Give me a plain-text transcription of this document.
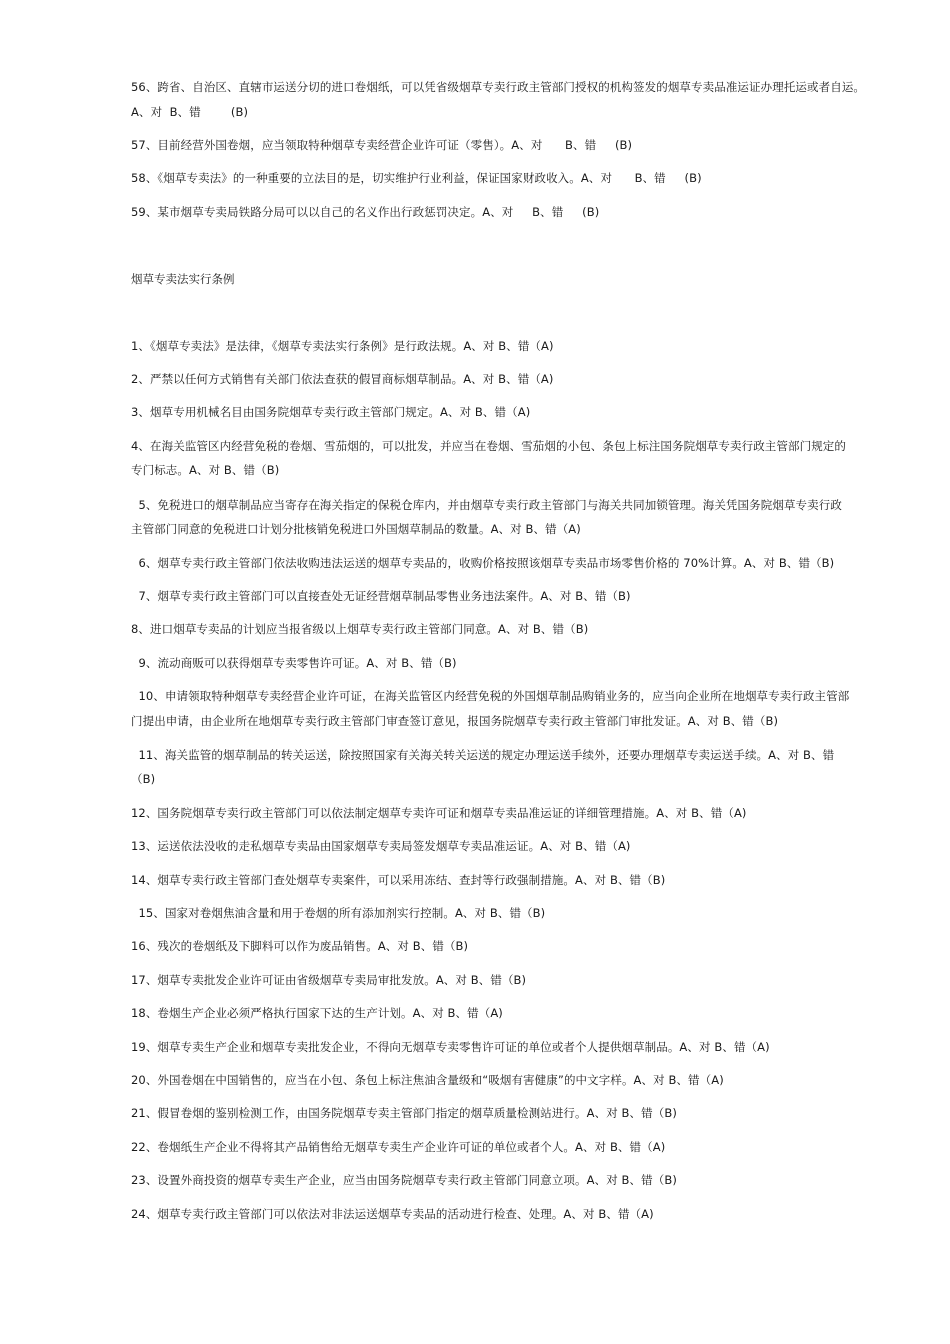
56、跨省、自治区、直辖市运送分切的进口卷烟纸，可以凭省级烟草专卖行政主管部门授权的机构签发的烟草专卖品准运证办理托运或者自运。
A、对  B、错        (B)
57、目前经营外国卷烟，应当领取特种烟草专卖经营企业许可证（零售）。A、对      B、错     (B)
58、《烟草专卖法》的一种重要的立法目的是，切实维护行业利益，保证国家财政收入。A、对      B、错     (B)
59、某市烟草专卖局铁路分局可以以自己的名义作出行政惩罚决定。A、对     B、错     (B)
烟草专卖法实行条例
1、《烟草专卖法》是法律，《烟草专卖法实行条例》是行政法规。A、对 B、错（A)
2、严禁以任何方式销售有关部门依法查获的假冒商标烟草制品。A、对 B、错（A)
3、烟草专用机械名目由国务院烟草专卖行政主管部门规定。A、对 B、错（A)
4、在海关监管区内经营免税的卷烟、雪茄烟的，可以批发，并应当在卷烟、雪茄烟的小包、条包上标注国务院烟草专卖行政主管部门规定的
专门标志。A、对 B、错（B)
5、免税进口的烟草制品应当寄存在海关指定的保税仓库内，并由烟草专卖行政主管部门与海关共同加锁管理。海关凭国务院烟草专卖行政
主管部门同意的免税进口计划分批核销免税进口外国烟草制品的数量。A、对 B、错（A)
6、烟草专卖行政主管部门依法收购违法运送的烟草专卖品的，收购价格按照该烟草专卖品市场零售价格的 70%计算。A、对 B、错（B)
7、烟草专卖行政主管部门可以直接查处无证经营烟草制品零售业务违法案件。A、对 B、错（B)
8、进口烟草专卖品的计划应当报省级以上烟草专卖行政主管部门同意。A、对 B、错（B)
9、流动商贩可以获得烟草专卖零售许可证。A、对 B、错（B)
10、申请领取特种烟草专卖经营企业许可证，在海关监管区内经营免税的外国烟草制品购销业务的，应当向企业所在地烟草专卖行政主管部
门提出申请，由企业所在地烟草专卖行政主管部门审查签订意见，报国务院烟草专卖行政主管部门审批发证。A、对 B、错（B)
11、海关监管的烟草制品的转关运送，除按照国家有关海关转关运送的规定办理运送手续外，还要办理烟草专卖运送手续。A、对 B、错
（B)
12、国务院烟草专卖行政主管部门可以依法制定烟草专卖许可证和烟草专卖品准运证的详细管理措施。A、对 B、错（A)
13、运送依法没收的走私烟草专卖品由国家烟草专卖局签发烟草专卖品准运证。A、对 B、错（A)
14、烟草专卖行政主管部门查处烟草专卖案件，可以采用冻结、查封等行政强制措施。A、对 B、错（B)
15、国家对卷烟焦油含量和用于卷烟的所有添加剂实行控制。A、对 B、错（B)
16、残次的卷烟纸及下脚料可以作为废品销售。A、对 B、错（B)
17、烟草专卖批发企业许可证由省级烟草专卖局审批发放。A、对 B、错（B)
18、卷烟生产企业必须严格执行国家下达的生产计划。A、对 B、错（A)
19、烟草专卖生产企业和烟草专卖批发企业，不得向无烟草专卖零售许可证的单位或者个人提供烟草制品。A、对 B、错（A)
20、外国卷烟在中国销售的，应当在小包、条包上标注焦油含量级和“吸烟有害健康”的中文字样。A、对 B、错（A)
21、假冒卷烟的鉴别检测工作，由国务院烟草专卖主管部门指定的烟草质量检测站进行。A、对 B、错（B)
22、卷烟纸生产企业不得将其产品销售给无烟草专卖生产企业许可证的单位或者个人。A、对 B、错（A)
23、设置外商投资的烟草专卖生产企业，应当由国务院烟草专卖行政主管部门同意立项。A、对 B、错（B)
24、烟草专卖行政主管部门可以依法对非法运送烟草专卖品的活动进行检查、处理。A、对 B、错（A)
